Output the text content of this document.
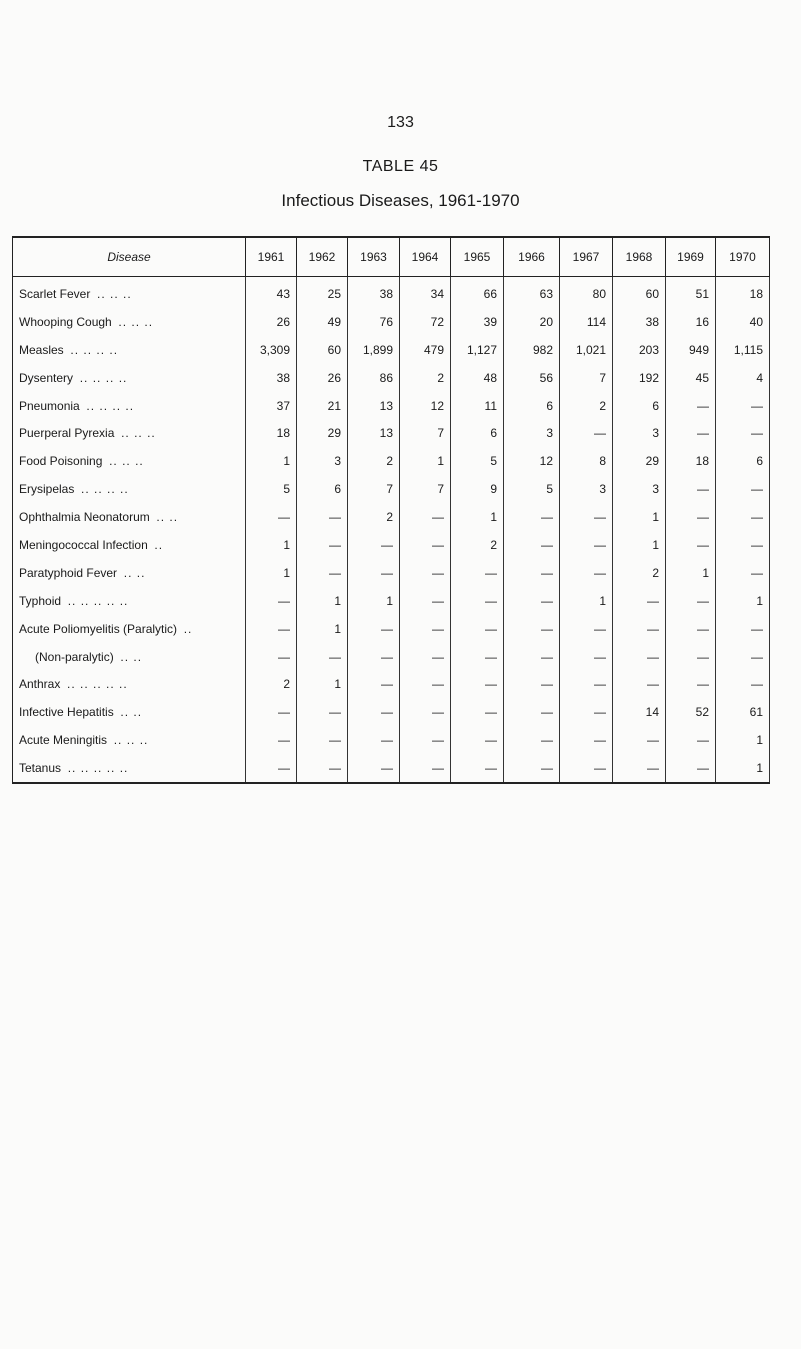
133
TABLE 45
Infectious Diseases, 1961-1970
Disease	1961	1962	1963	1964	1965	1966	1967	1968	1969	1970
Scarlet Fever .. .. ..	43	25	38	34	66	63	80	60	51	18
Whooping Cough .. .. ..	26	49	76	72	39	20	114	38	16	40
Measles .. .. .. ..	3,309	60	1,899	479	1,127	982	1,021	203	949	1,115
Dysentery .. .. .. ..	38	26	86	2	48	56	7	192	45	4
Pneumonia .. .. .. ..	37	21	13	12	11	6	2	6	—	—
Puerperal Pyrexia .. .. ..	18	29	13	7	6	3	—	3	—	—
Food Poisoning .. .. ..	1	3	2	1	5	12	8	29	18	6
Erysipelas .. .. .. ..	5	6	7	7	9	5	3	3	—	—
Ophthalmia Neonatorum .. ..	—	—	2	—	1	—	—	1	—	—
Meningococcal Infection ..	1	—	—	—	2	—	—	1	—	—
Paratyphoid Fever .. ..	1	—	—	—	—	—	—	2	1	—
Typhoid .. .. .. .. ..	—	1	1	—	—	—	1	—	—	1
Acute Poliomyelitis (Paralytic) ..	—	1	—	—	—	—	—	—	—	—
(Non-paralytic) .. ..	—	—	—	—	—	—	—	—	—	—
Anthrax .. .. .. .. ..	2	1	—	—	—	—	—	—	—	—
Infective Hepatitis .. ..	—	—	—	—	—	—	—	14	52	61
Acute Meningitis .. .. ..	—	—	—	—	—	—	—	—	—	1
Tetanus .. .. .. .. ..	—	—	—	—	—	—	—	—	—	1
